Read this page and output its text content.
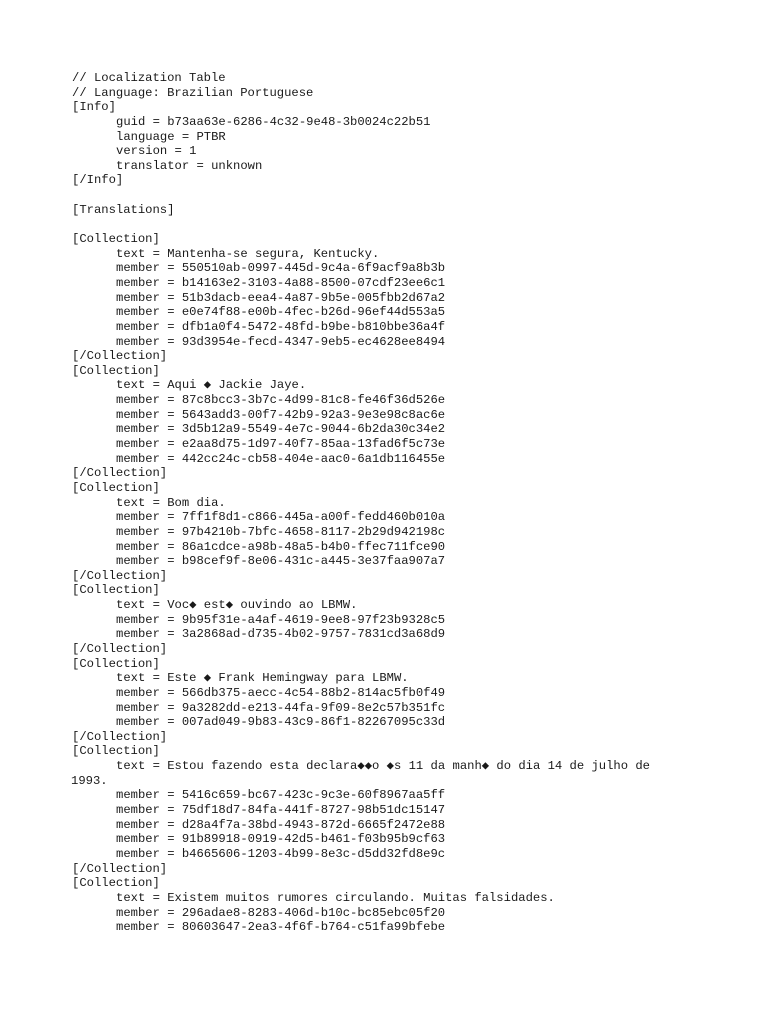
// Localization Table
// Language: Brazilian Portuguese
[Info]
guid = b73aa63e-6286-4c32-9e48-3b0024c22b51
language = PTBR
version = 1
translator = unknown
[/Info]
[Translations]
[Collection]
text = Mantenha-se segura, Kentucky.
member = 550510ab-0997-445d-9c4a-6f9acf9a8b3b
member = b14163e2-3103-4a88-8500-07cdf23ee6c1
member = 51b3dacb-eea4-4a87-9b5e-005fbb2d67a2
member = e0e74f88-e00b-4fec-b26d-96ef44d553a5
member = dfb1a0f4-5472-48fd-b9be-b810bbe36a4f
member = 93d3954e-fecd-4347-9eb5-ec4628ee8494
[/Collection]
[Collection]
text = Aqui ◆ Jackie Jaye.
member = 87c8bcc3-3b7c-4d99-81c8-fe46f36d526e
member = 5643add3-00f7-42b9-92a3-9e3e98c8ac6e
member = 3d5b12a9-5549-4e7c-9044-6b2da30c34e2
member = e2aa8d75-1d97-40f7-85aa-13fad6f5c73e
member = 442cc24c-cb58-404e-aac0-6a1db116455e
[/Collection]
[Collection]
text = Bom dia.
member = 7ff1f8d1-c866-445a-a00f-fedd460b010a
member = 97b4210b-7bfc-4658-8117-2b29d942198c
member = 86a1cdce-a98b-48a5-b4b0-ffec711fce90
member = b98cef9f-8e06-431c-a445-3e37faa907a7
[/Collection]
[Collection]
text = Voc◆ est◆ ouvindo ao LBMW.
member = 9b95f31e-a4af-4619-9ee8-97f23b9328c5
member = 3a2868ad-d735-4b02-9757-7831cd3a68d9
[/Collection]
[Collection]
text = Este ◆ Frank Hemingway para LBMW.
member = 566db375-aecc-4c54-88b2-814ac5fb0f49
member = 9a3282dd-e213-44fa-9f09-8e2c57b351fc
member = 007ad049-9b83-43c9-86f1-82267095c33d
[/Collection]
[Collection]
text = Estou fazendo esta declara◆◆o ◆s 11 da manh◆ do dia 14 de julho de
1993.
member = 5416c659-bc67-423c-9c3e-60f8967aa5ff
member = 75df18d7-84fa-441f-8727-98b51dc15147
member = d28a4f7a-38bd-4943-872d-6665f2472e88
member = 91b89918-0919-42d5-b461-f03b95b9cf63
member = b4665606-1203-4b99-8e3c-d5dd32fd8e9c
[/Collection]
[Collection]
text = Existem muitos rumores circulando. Muitas falsidades.
member = 296adae8-8283-406d-b10c-bc85ebc05f20
member = 80603647-2ea3-4f6f-b764-c51fa99bfebe
